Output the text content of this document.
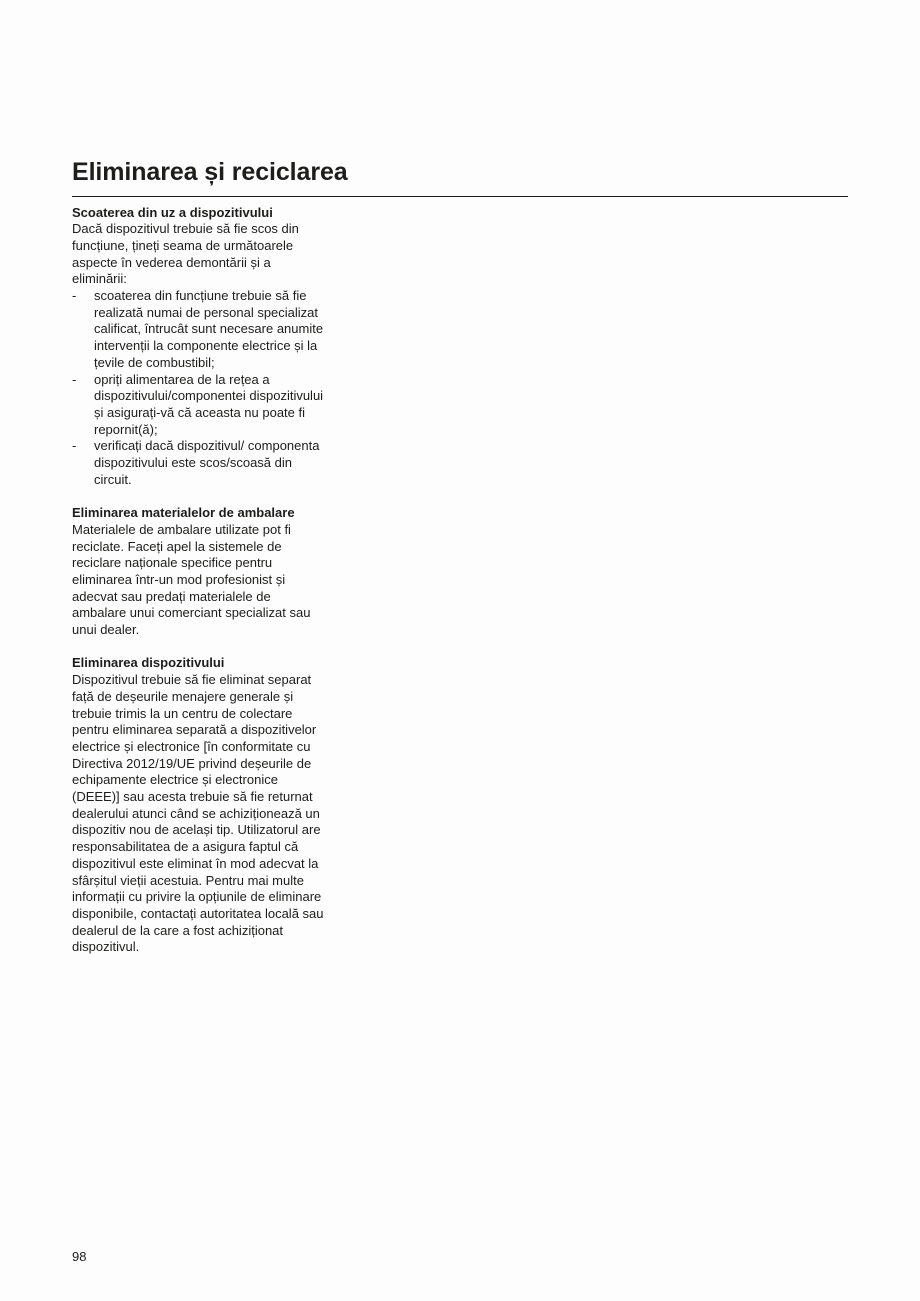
Eliminarea și reciclarea

Scoaterea din uz a dispozitivului

Dacă dispozitivul trebuie să fie scos din funcțiune, țineți seama de următoarele aspecte în vederea demontării și a eliminării:

- scoaterea din funcțiune trebuie să fie realizată numai de personal specializat calificat, întrucât sunt necesare anumite intervenții la componente electrice și la țevile de combustibil;
- opriți alimentarea de la rețea a dispozitivului/componentei dispozitivului și asigurați-vă că aceasta nu poate fi repornit(ă);
- verificați dacă dispozitivul/ componenta dispozitivului este scos/scoasă din circuit.

Eliminarea materialelor de ambalare

Materialele de ambalare utilizate pot fi reciclate. Faceți apel la sistemele de reciclare naționale specifice pentru eliminarea într-un mod profesionist și adecvat sau predați materialele de ambalare unui comerciant specializat sau unui dealer.

Eliminarea dispozitivului

Dispozitivul trebuie să fie eliminat separat față de deșeurile menajere generale și trebuie trimis la un centru de colectare pentru eliminarea separată a dispozitivelor electrice și electronice [în conformitate cu Directiva 2012/19/UE privind deșeurile de echipamente electrice și electronice (DEEE)] sau acesta trebuie să fie returnat dealerului atunci când se achiziționează un dispozitiv nou de același tip. Utilizatorul are responsabilitatea de a asigura faptul că dispozitivul este eliminat în mod adecvat la sfârșitul vieții acestuia. Pentru mai multe informații cu privire la opțiunile de eliminare disponibile, contactați autoritatea locală sau dealerul de la care a fost achiziționat dispozitivul.

98
